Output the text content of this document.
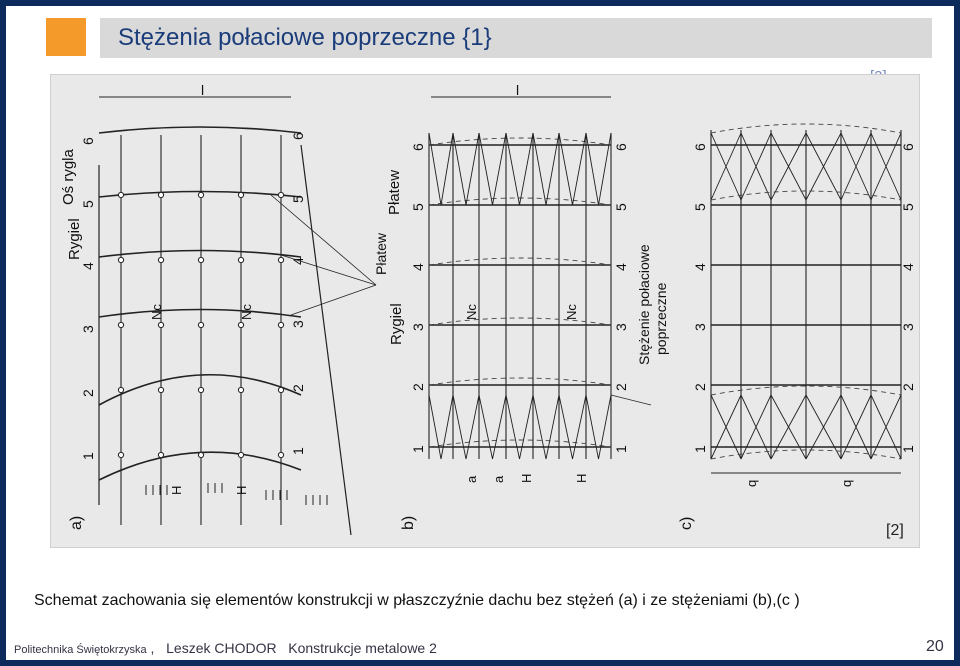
Stężenia połaciowe poprzeczne {1}
1
1
2
2
3
3
4
4
5
5
6
6
a)
Rygiel
Oś rygla
Nc	Nc
Płatew
H	H
l
6	6
5	5
4	4
3	3
2	2
1	1
b)
Rygiel
Płatew
Nc	Nc
a a H	H
Stężenie połaciowe poprzeczne
6	6
5	5
4	4
3	3
2	2
1	1
c)
q	q
l
[2]
Schemat zachowania się elementów konstrukcji w płaszczyźnie dachu bez stężeń (a) i ze stężeniami (b),(c )
Politechnika Świętokrzyska , Leszek CHODOR Konstrukcje metalowe 2	20
